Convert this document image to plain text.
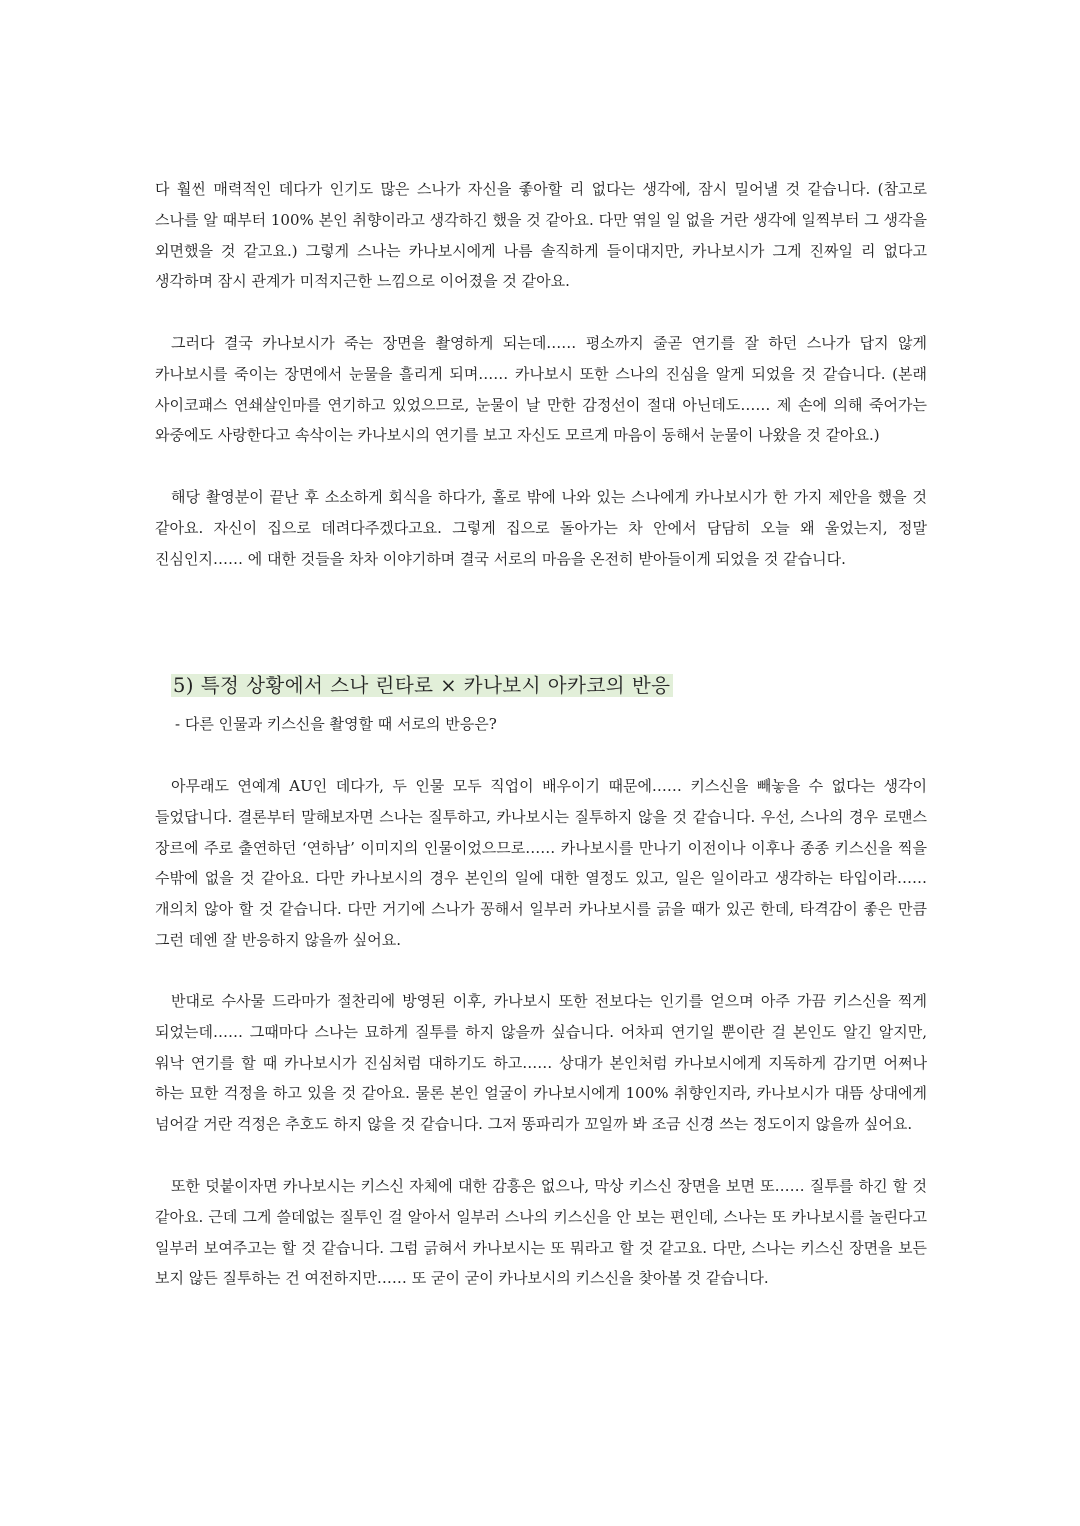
다 훨씬 매력적인 데다가 인기도 많은 스나가 자신을 좋아할 리 없다는 생각에, 잠시 밀어낼 것 같습니다. (참고로 스나를 알 때부터 100% 본인 취향이라고 생각하긴 했을 것 같아요. 다만 엮일 일 없을 거란 생각에 일찍부터 그 생각을 외면했을 것 같고요.) 그렇게 스나는 카나보시에게 나름 솔직하게 들이대지만, 카나보시가 그게 진짜일 리 없다고 생각하며 잠시 관계가 미적지근한 느낌으로 이어졌을 것 같아요.

그러다 결국 카나보시가 죽는 장면을 촬영하게 되는데…… 평소까지 줄곧 연기를 잘 하던 스나가 답지 않게 카나보시를 죽이는 장면에서 눈물을 흘리게 되며…… 카나보시 또한 스나의 진심을 알게 되었을 것 같습니다. (본래 사이코패스 연쇄살인마를 연기하고 있었으므로, 눈물이 날 만한 감정선이 절대 아닌데도…… 제 손에 의해 죽어가는 와중에도 사랑한다고 속삭이는 카나보시의 연기를 보고 자신도 모르게 마음이 동해서 눈물이 나왔을 것 같아요.)

해당 촬영분이 끝난 후 소소하게 회식을 하다가, 홀로 밖에 나와 있는 스나에게 카나보시가 한 가지 제안을 했을 것 같아요. 자신이 집으로 데려다주겠다고요. 그렇게 집으로 돌아가는 차 안에서 담담히 오늘 왜 울었는지, 정말 진심인지…… 에 대한 것들을 차차 이야기하며 결국 서로의 마음을 온전히 받아들이게 되었을 것 같습니다.

5) 특정 상황에서 스나 린타로 × 카나보시 아카코의 반응

- 다른 인물과 키스신을 촬영할 때 서로의 반응은?

아무래도 연예계 AU인 데다가, 두 인물 모두 직업이 배우이기 때문에…… 키스신을 빼놓을 수 없다는 생각이 들었답니다. 결론부터 말해보자면 스나는 질투하고, 카나보시는 질투하지 않을 것 같습니다. 우선, 스나의 경우 로맨스 장르에 주로 출연하던 ‘연하남’ 이미지의 인물이었으므로…… 카나보시를 만나기 이전이나 이후나 종종 키스신을 찍을 수밖에 없을 것 같아요. 다만 카나보시의 경우 본인의 일에 대한 열정도 있고, 일은 일이라고 생각하는 타입이라…… 개의치 않아 할 것 같습니다. 다만 거기에 스나가 꽁해서 일부러 카나보시를 긁을 때가 있곤 한데, 타격감이 좋은 만큼 그런 데엔 잘 반응하지 않을까 싶어요.

반대로 수사물 드라마가 절찬리에 방영된 이후, 카나보시 또한 전보다는 인기를 얻으며 아주 가끔 키스신을 찍게 되었는데…… 그때마다 스나는 묘하게 질투를 하지 않을까 싶습니다. 어차피 연기일 뿐이란 걸 본인도 알긴 알지만, 워낙 연기를 할 때 카나보시가 진심처럼 대하기도 하고…… 상대가 본인처럼 카나보시에게 지독하게 감기면 어쩌나 하는 묘한 걱정을 하고 있을 것 같아요. 물론 본인 얼굴이 카나보시에게 100% 취향인지라, 카나보시가 대뜸 상대에게 넘어갈 거란 걱정은 추호도 하지 않을 것 같습니다. 그저 똥파리가 꼬일까 봐 조금 신경 쓰는 정도이지 않을까 싶어요.

또한 덧붙이자면 카나보시는 키스신 자체에 대한 감흥은 없으나, 막상 키스신 장면을 보면 또…… 질투를 하긴 할 것 같아요. 근데 그게 쓸데없는 질투인 걸 알아서 일부러 스나의 키스신을 안 보는 편인데, 스나는 또 카나보시를 놀린다고 일부러 보여주고는 할 것 같습니다. 그럼 긁혀서 카나보시는 또 뭐라고 할 것 같고요. 다만, 스나는 키스신 장면을 보든 보지 않든 질투하는 건 여전하지만…… 또 굳이 굳이 카나보시의 키스신을 찾아볼 것 같습니다.
